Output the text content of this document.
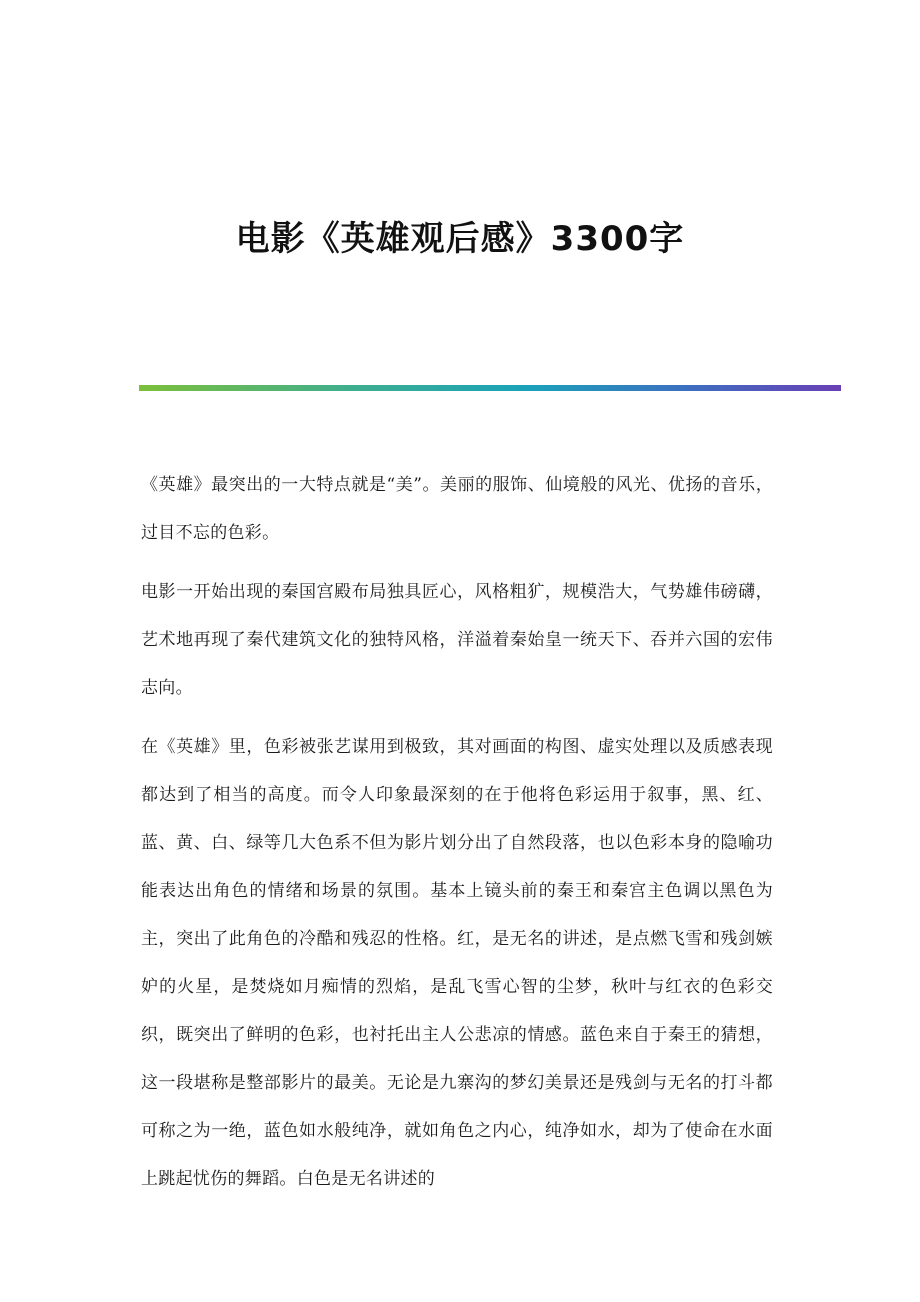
电影《英雄观后感》3300字

《英雄》最突出的一大特点就是“美”。美丽的服饰、仙境般的风光、优扬的音乐，过目不忘的色彩。

电影一开始出现的秦国宫殿布局独具匠心，风格粗犷，规模浩大，气势雄伟磅礴，艺术地再现了秦代建筑文化的独特风格，洋溢着秦始皇一统天下、吞并六国的宏伟志向。

在《英雄》里，色彩被张艺谋用到极致，其对画面的构图、虚实处理以及质感表现都达到了相当的高度。而令人印象最深刻的在于他将色彩运用于叙事，黑、红、蓝、黄、白、绿等几大色系不但为影片划分出了自然段落，也以色彩本身的隐喻功能表达出角色的情绪和场景的氛围。基本上镜头前的秦王和秦宫主色调以黑色为主，突出了此角色的冷酷和残忍的性格。红，是无名的讲述，是点燃飞雪和残剑嫉妒的火星，是焚烧如月痴情的烈焰，是乱飞雪心智的尘梦，秋叶与红衣的色彩交织，既突出了鲜明的色彩，也衬托出主人公悲凉的情感。蓝色来自于秦王的猜想，这一段堪称是整部影片的最美。无论是九寨沟的梦幻美景还是残剑与无名的打斗都可称之为一绝，蓝色如水般纯净，就如角色之内心，纯净如水，却为了使命在水面上跳起忧伤的舞蹈。白色是无名讲述的
